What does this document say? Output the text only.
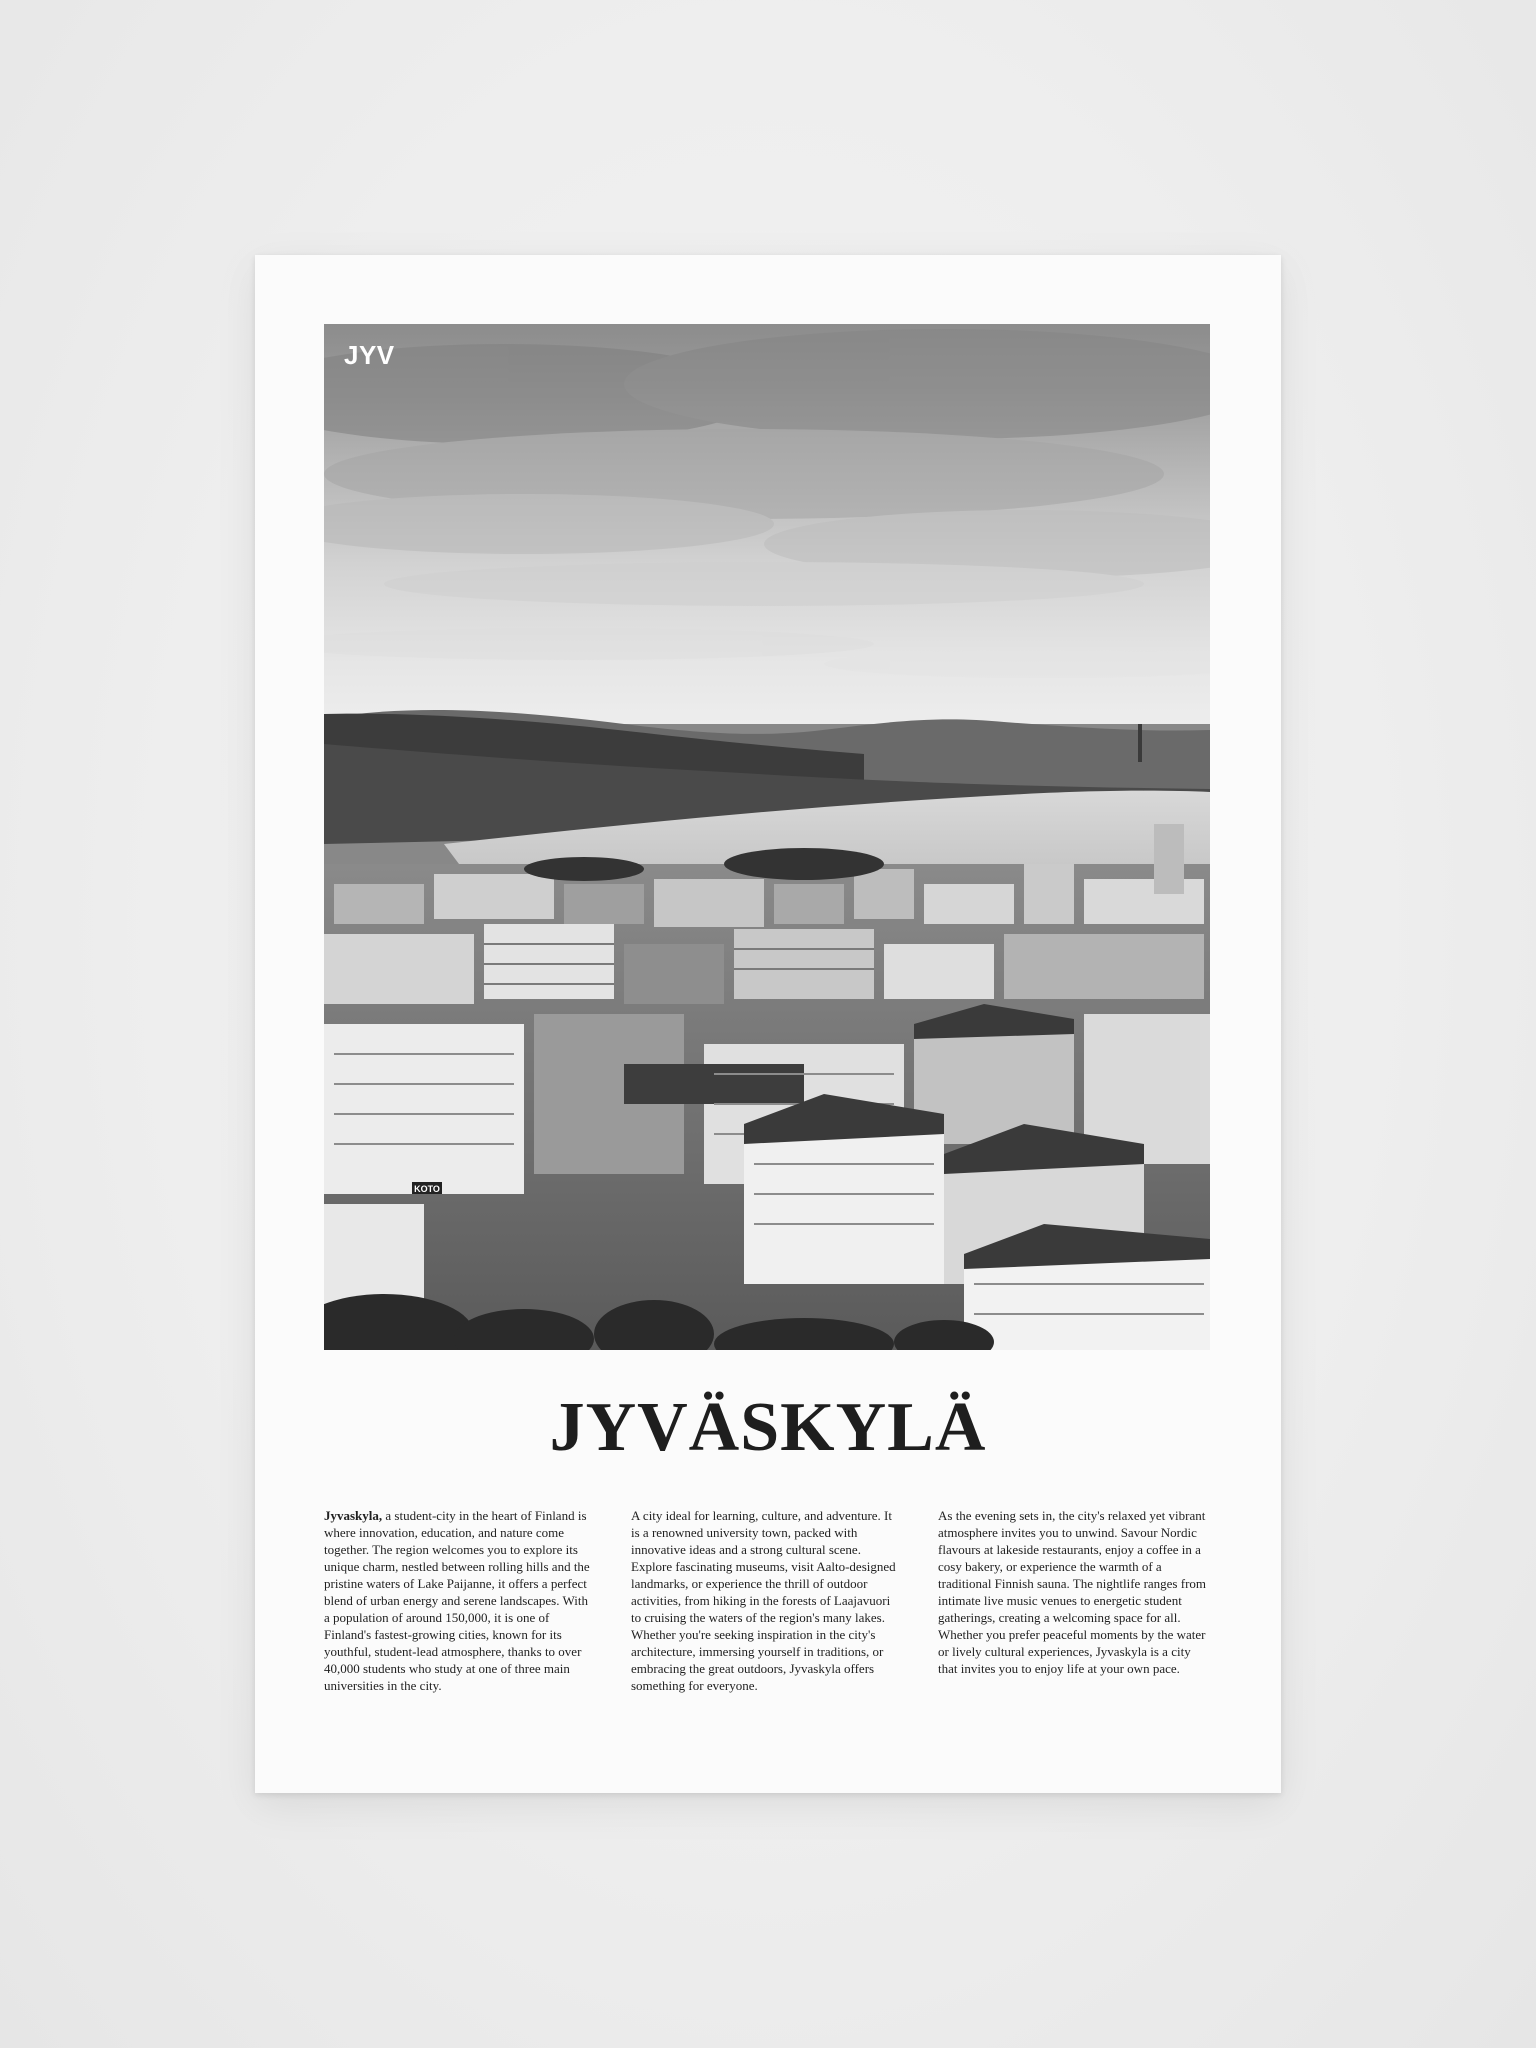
KOTO
JYV
JYVÄSKYLÄ
Jyvaskyla, a student-city in the heart of Finland is where innovation, education, and nature come together. The region welcomes you to explore its unique charm, nestled between rolling hills and the pristine waters of Lake Paijanne, it offers a perfect blend of urban energy and serene landscapes. With a population of around 150,000, it is one of Finland's fastest-growing cities, known for its youthful, student-lead atmosphere, thanks to over 40,000 students who study at one of three main universities in the city.
A city ideal for learning, culture, and adventure. It is a renowned university town, packed with innovative ideas and a strong cultural scene. Explore fascinating museums, visit Aalto-designed landmarks, or experience the thrill of outdoor activities, from hiking in the forests of Laajavuori to cruising the waters of the region's many lakes. Whether you're seeking inspiration in the city's architecture, immersing yourself in traditions, or embracing the great outdoors, Jyvaskyla offers something for everyone.
As the evening sets in, the city's relaxed yet vibrant atmosphere invites you to unwind. Savour Nordic flavours at lakeside restaurants, enjoy a coffee in a cosy bakery, or experience the warmth of a traditional Finnish sauna. The nightlife ranges from intimate live music venues to energetic student gatherings, creating a welcoming space for all. Whether you prefer peaceful moments by the water or lively cultural experiences, Jyvaskyla is a city that invites you to enjoy life at your own pace.
